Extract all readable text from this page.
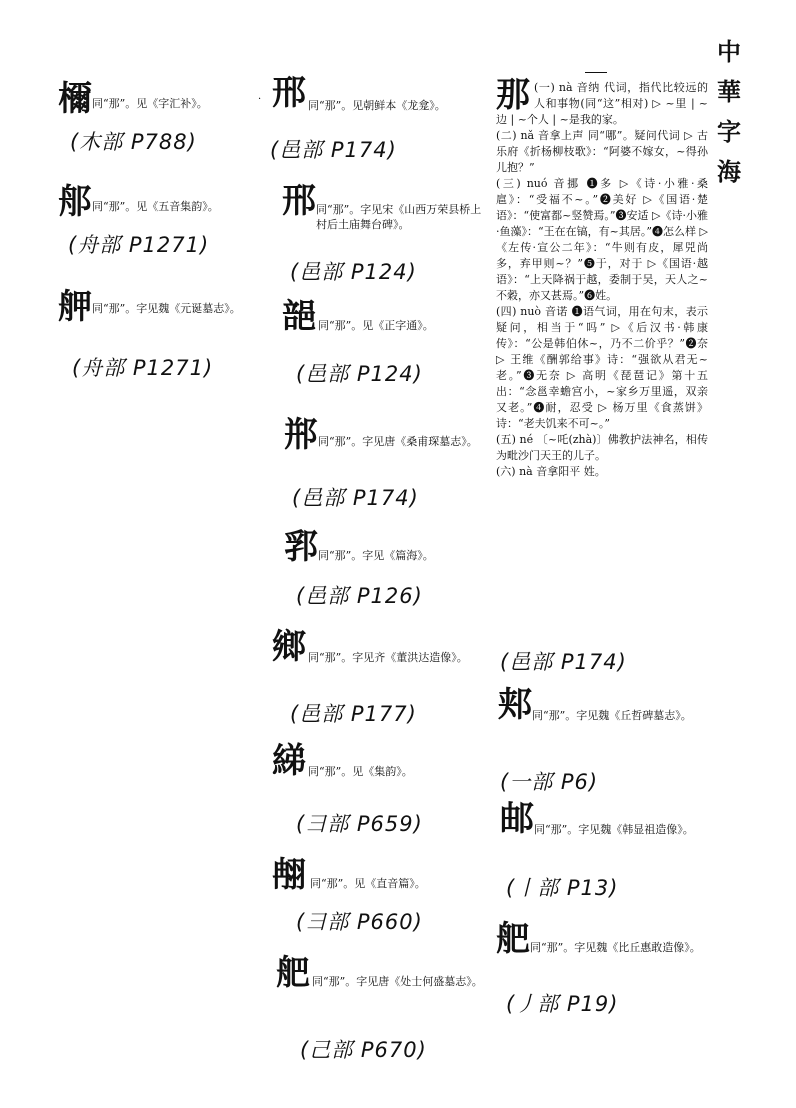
中
華
字
海
·
檷 同“那”。见《字汇补》。
(木部 P788)
郍 同“那”。见《五音集韵》。
(舟部 P1271)
舺 同“那”。字见魏《元诞墓志》。
(舟部 P1271)
邢 同“那”。见朝鲜本《龙龛》。
(邑部 P174)
邢 同“那”。字见宋《山西万荣县桥上村后土庙舞台碑》。
(邑部 P124)
郶 同“那”。见《正字通》。
(邑部 P124)
郱 同“那”。字见唐《桑甫琛墓志》。
(邑部 P174)
郛 同“那”。字见《篇海》。
(邑部 P126)
鄉 同“那”。字见齐《董洪达造像》。
(邑部 P177)
綈 同“那”。见《集韵》。
(彐部 P659)
䎃 同“那”。见《直音篇》。
(彐部 P660)
舥 同“那”。字见唐《处士何盛墓志》。
(己部 P670)
那 (一) nà 音纳 代词，指代比较远的人和事物(同“这”相对) ▷ ~里 | ~边 | ~个人 | ~是我的家。
(二) nǎ 音拿上声 同“哪”。疑问代词 ▷ 古乐府《折杨柳枝歌》：“阿婆不嫁女，~得孙儿抱？”
(三) nuó 音挪 ❶多 ▷《诗·小雅·桑扈》：“受福不~。”❷美好 ▷《国语·楚语》：“使富都~竖赞焉。”❸安适 ▷《诗·小雅·鱼藻》：“王在在镐，有~其居。”❹怎么样 ▷《左传·宣公二年》：“牛则有皮，犀兕尚多，弃甲则~？”❺于，对于 ▷《国语·越语》：“上天降祸于越，委制于吴，天人之~不穀，亦又甚焉。”❻姓。
(四) nuò 音诺 ❶语气词，用在句末，表示疑问，相当于“吗” ▷《后汉书·韩康传》：“公是韩伯休~，乃不二价乎？”❷奈 ▷ 王维《酬郭给事》诗：“强欲从君无~老。”❸无奈 ▷ 高明《琵琶记》第十五出：“念邕幸蟾宫小，~家乡万里遥，双亲又老。”❹耐，忍受 ▷ 杨万里《食蒸饼》诗：“老夫饥来不可~。”
(五) né 〔~吒(zhà)〕佛教护法神名，相传为毗沙门天王的儿子。
(六) nà 音拿阳平 姓。
(邑部 P174)
郏 同“那”。字见魏《丘哲碑墓志》。
(一部 P6)
邮 同“那”。字见魏《韩显祖造像》。
(丨部 P13)
舥 同“那”。字见魏《比丘惠敢造像》。
(丿部 P19)
